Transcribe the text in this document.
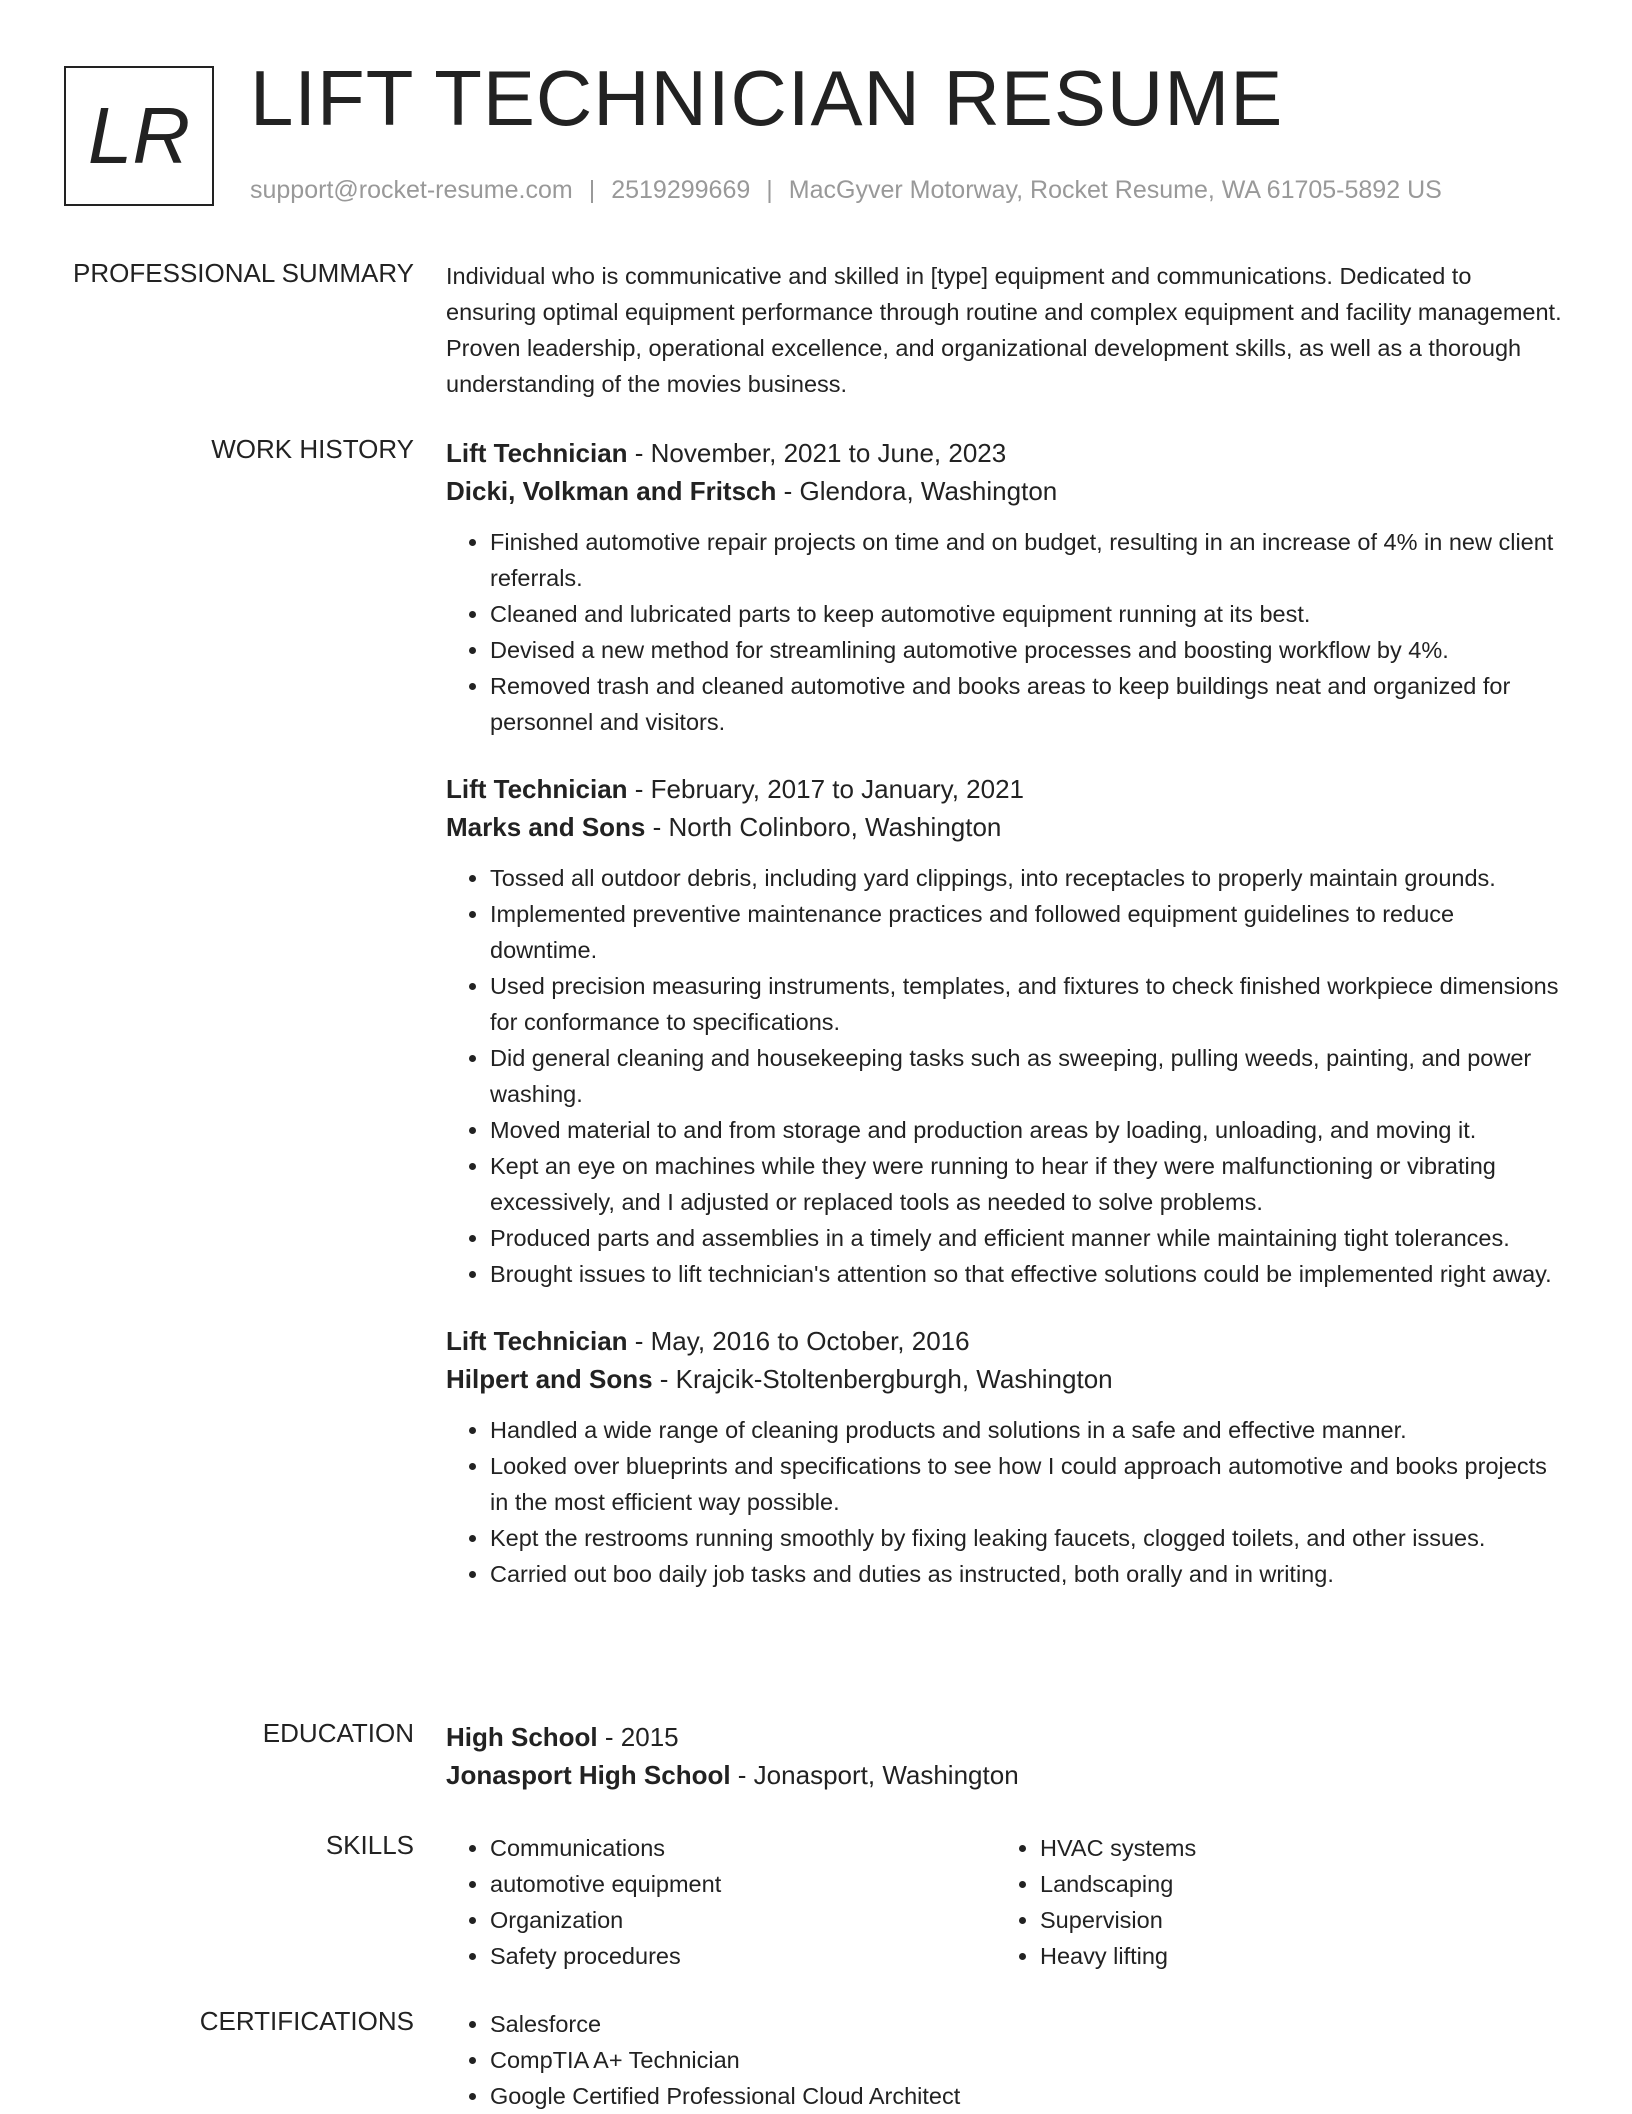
LR LIFT TECHNICIAN RESUME
support@rocket-resume.com | 2519299669 | MacGyver Motorway, Rocket Resume, WA 61705-5892 US
PROFESSIONAL SUMMARY Individual who is communicative and skilled in [type] equipment and communications. Dedicated to ensuring optimal equipment performance through routine and complex equipment and facility management. Proven leadership, operational excellence, and organizational development skills, as well as a thorough understanding of the movies business.

WORK HISTORY Lift Technician - November, 2021 to June, 2023
Dicki, Volkman and Fritsch - Glendora, Washington
• Finished automotive repair projects on time and on budget, resulting in an increase of 4% in new client referrals.
• Cleaned and lubricated parts to keep automotive equipment running at its best.
• Devised a new method for streamlining automotive processes and boosting workflow by 4%.
• Removed trash and cleaned automotive and books areas to keep buildings neat and organized for personnel and visitors.
Lift Technician - February, 2017 to January, 2021
Marks and Sons - North Colinboro, Washington
• Tossed all outdoor debris, including yard clippings, into receptacles to properly maintain grounds.
• Implemented preventive maintenance practices and followed equipment guidelines to reduce downtime.
• Used precision measuring instruments, templates, and fixtures to check finished workpiece dimensions for conformance to specifications.
• Did general cleaning and housekeeping tasks such as sweeping, pulling weeds, painting, and power washing.
• Moved material to and from storage and production areas by loading, unloading, and moving it.
• Kept an eye on machines while they were running to hear if they were malfunctioning or vibrating excessively, and I adjusted or replaced tools as needed to solve problems.
• Produced parts and assemblies in a timely and efficient manner while maintaining tight tolerances.
• Brought issues to lift technician's attention so that effective solutions could be implemented right away.
Lift Technician - May, 2016 to October, 2016
Hilpert and Sons - Krajcik-Stoltenbergburgh, Washington
• Handled a wide range of cleaning products and solutions in a safe and effective manner.
• Looked over blueprints and specifications to see how I could approach automotive and books projects in the most efficient way possible.
• Kept the restrooms running smoothly by fixing leaking faucets, clogged toilets, and other issues.
• Carried out boo daily job tasks and duties as instructed, both orally and in writing.
EDUCATION High School - 2015
Jonasport High School - Jonasport, Washington
SKILLS	• Communications
• automotive equipment
• Organization
• Safety procedures
• HVAC systems
• Landscaping
• Supervision
• Heavy lifting
CERTIFICATIONS	• Salesforce
• CompTIA A+ Technician
• Google Certified Professional Cloud Architect
